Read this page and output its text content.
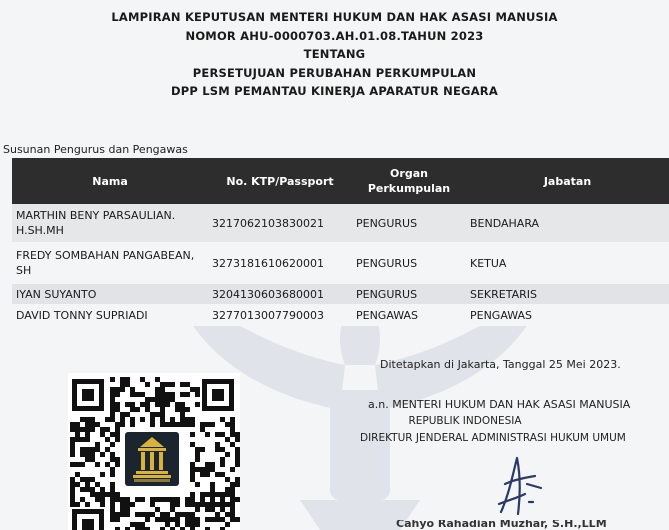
LAMPIRAN KEPUTUSAN MENTERI HUKUM DAN HAK ASASI MANUSIA
NOMOR AHU-0000703.AH.01.08.TAHUN 2023
TENTANG
PERSETUJUAN PERUBAHAN PERKUMPULAN
DPP LSM PEMANTAU KINERJA APARATUR NEGARA
Susunan Pengurus dan Pengawas
Nama	No. KTP/Passport	Organ Perkumpulan	Jabatan
MARTHIN BENY PARSAULIAN. H.SH.MH	3217062103830021	PENGURUS	BENDAHARA
FREDY SOMBAHAN PANGABEAN, SH	3273181610620001	PENGURUS	KETUA
IYAN SUYANTO	3204130603680001	PENGURUS	SEKRETARIS
DAVID TONNY SUPRIADI	3277013007790003	PENGAWAS	PENGAWAS
Ditetapkan di Jakarta, Tanggal 25 Mei 2023.
a.n. MENTERI HUKUM DAN HAK ASASI MANUSIA
REPUBLIK INDONESIA
DIREKTUR JENDERAL ADMINISTRASI HUKUM UMUM
Cahyo Rahadian Muzhar, S.H.,LLM
